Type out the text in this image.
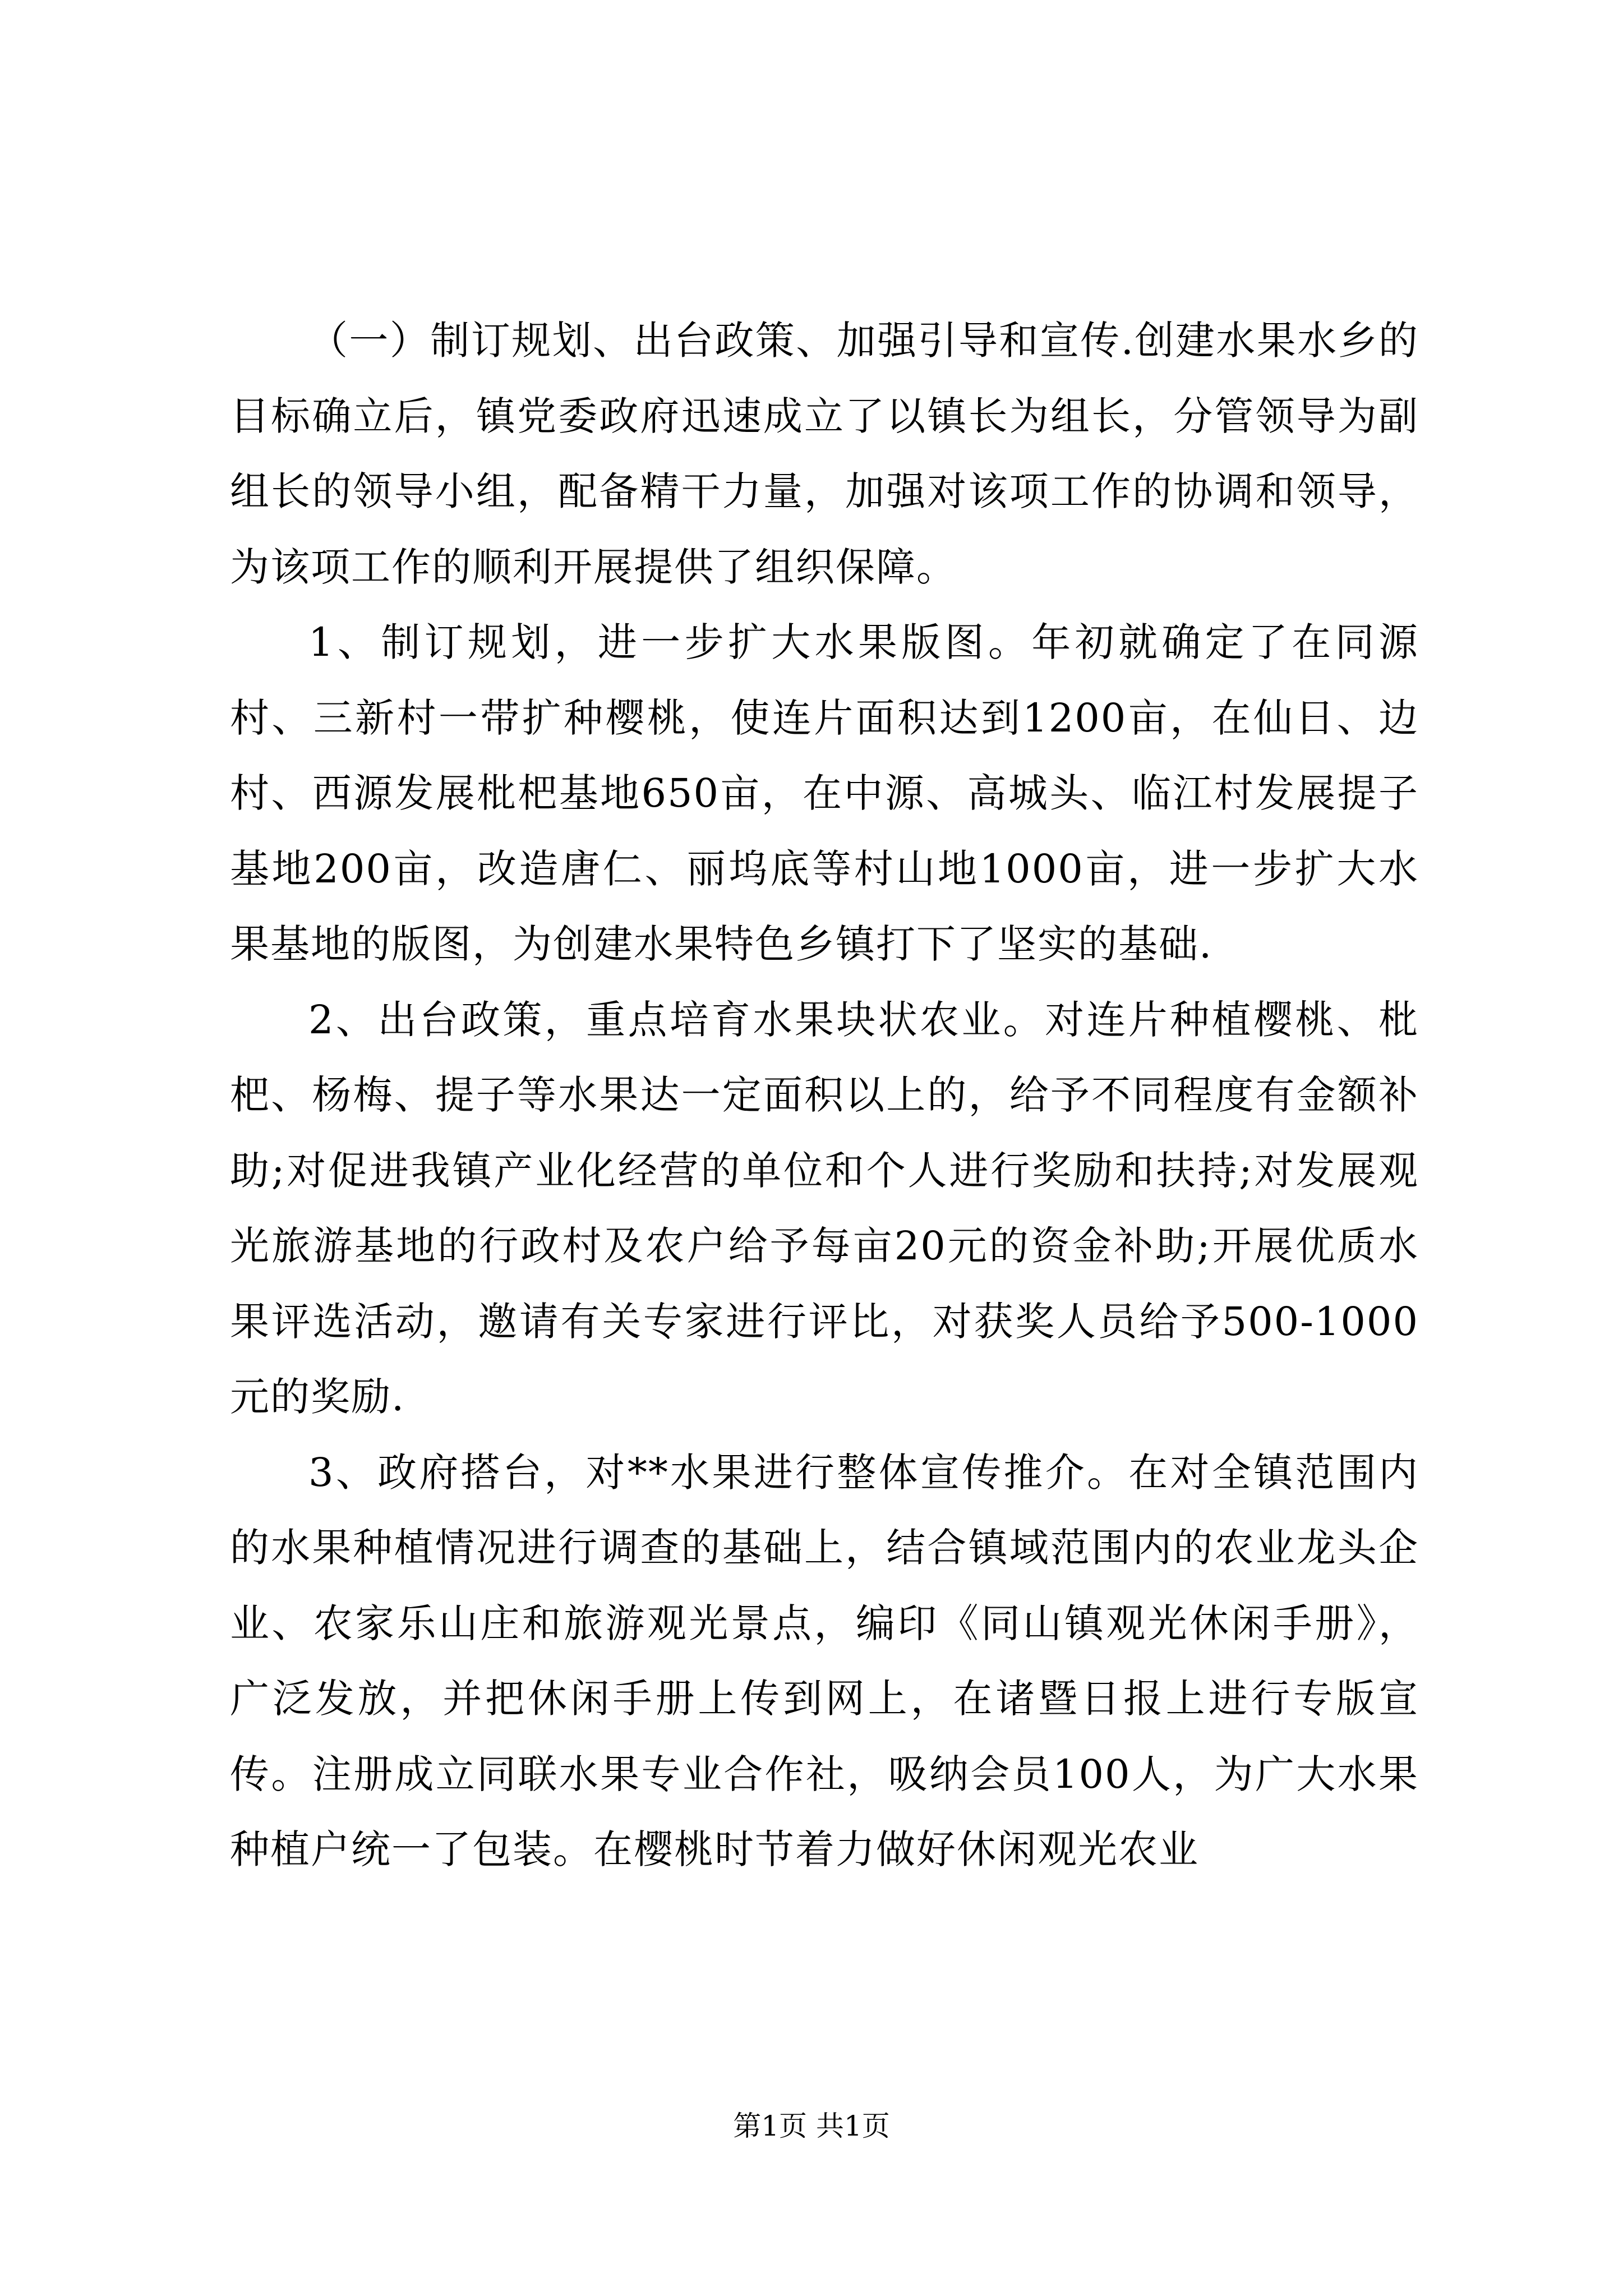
（一）制订规划、出台政策、加强引导和宣传.创建水果水乡的目标确立后，镇党委政府迅速成立了以镇长为组长，分管领导为副组长的领导小组，配备精干力量，加强对该项工作的协调和领导，为该项工作的顺利开展提供了组织保障。

1、制订规划，进一步扩大水果版图。年初就确定了在同源村、三新村一带扩种樱桃，使连片面积达到1200亩，在仙日、边村、西源发展枇杷基地650亩，在中源、高城头、临江村发展提子基地200亩，改造唐仁、丽坞底等村山地1000亩，进一步扩大水果基地的版图，为创建水果特色乡镇打下了坚实的基础.

2、出台政策，重点培育水果块状农业。对连片种植樱桃、枇杷、杨梅、提子等水果达一定面积以上的，给予不同程度有金额补助;对促进我镇产业化经营的单位和个人进行奖励和扶持;对发展观光旅游基地的行政村及农户给予每亩20元的资金补助;开展优质水果评选活动，邀请有关专家进行评比，对获奖人员给予500-1000元的奖励.

3、政府搭台，对**水果进行整体宣传推介。在对全镇范围内的水果种植情况进行调查的基础上，结合镇域范围内的农业龙头企业、农家乐山庄和旅游观光景点，编印《同山镇观光休闲手册》，广泛发放，并把休闲手册上传到网上，在诸暨日报上进行专版宣传。注册成立同联水果专业合作社，吸纳会员100人，为广大水果种植户统一了包装。在樱桃时节着力做好休闲观光农业

第1页 共1页
